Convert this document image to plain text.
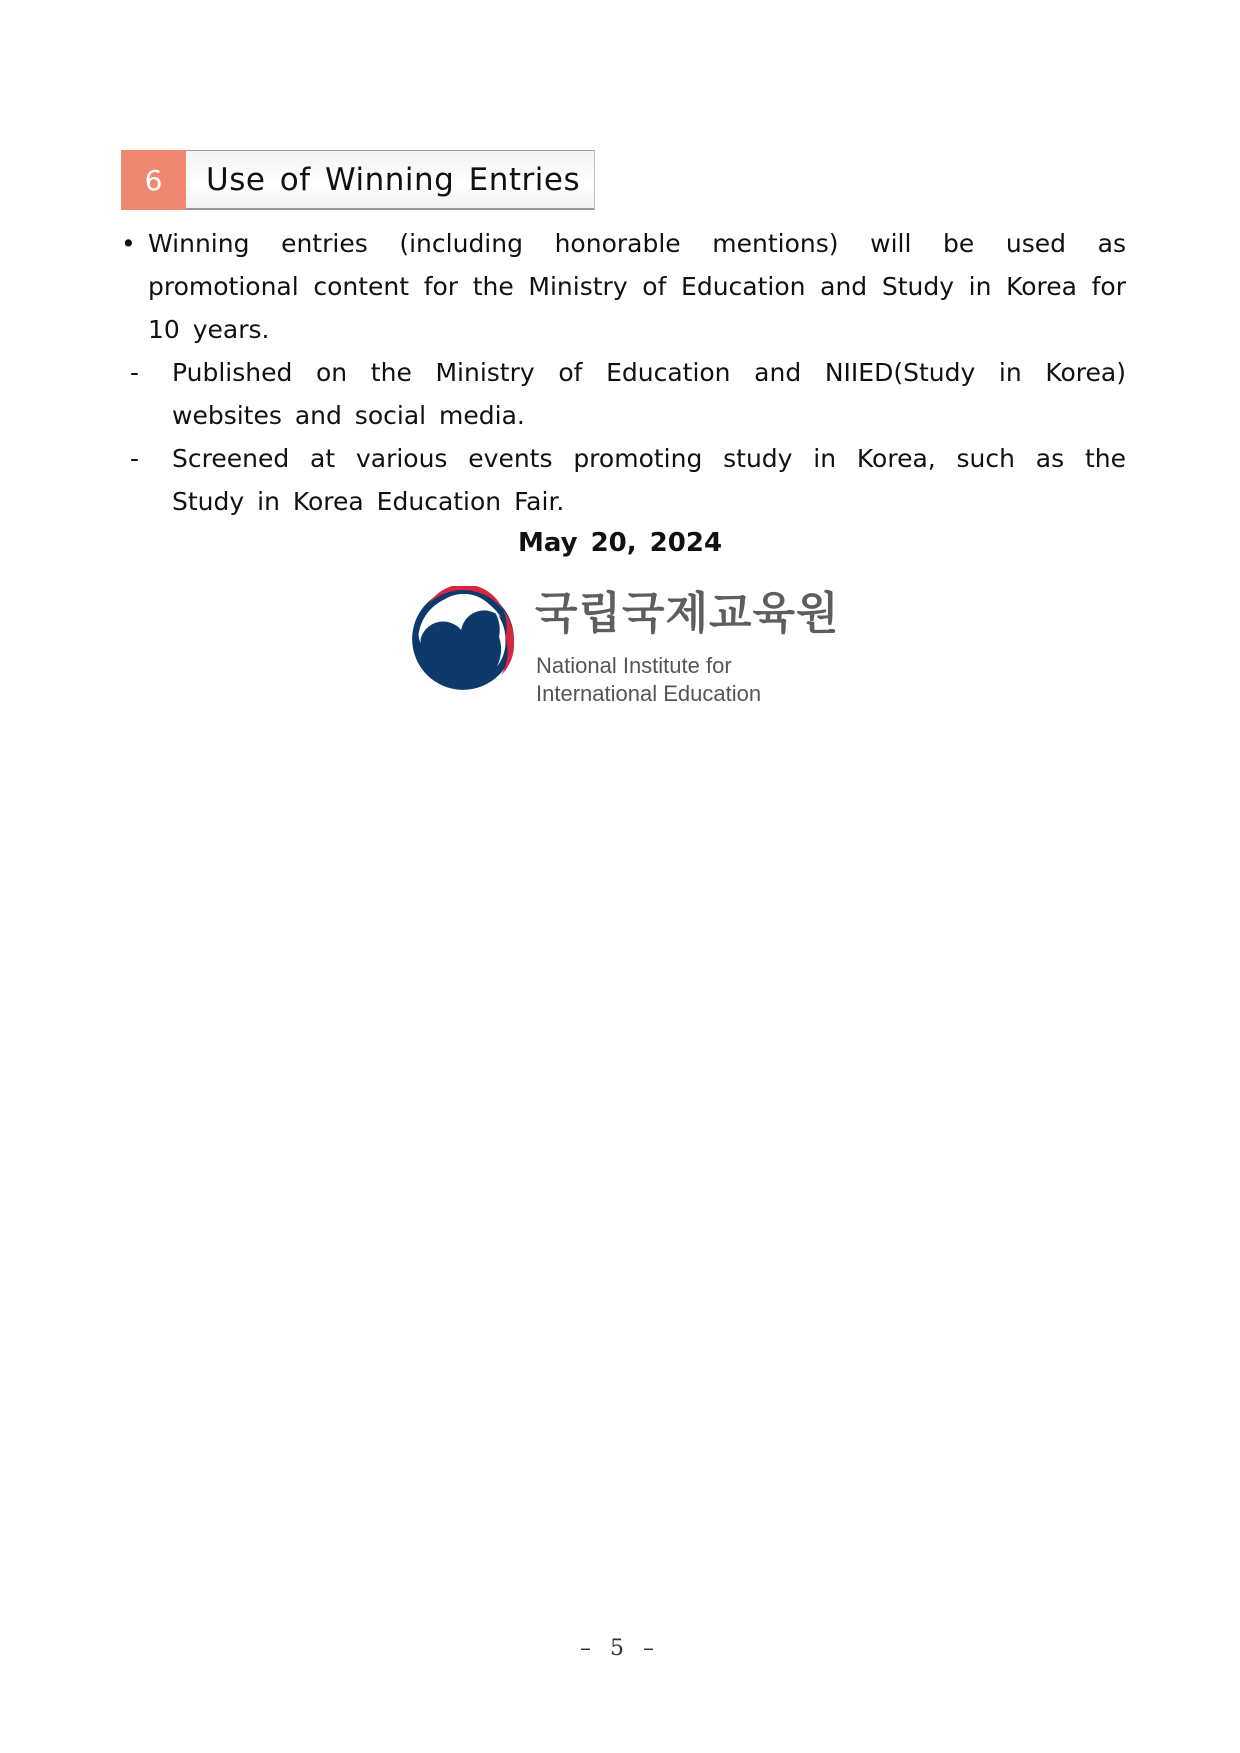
6	Use of Winning Entries
• Winning entries (including honorable mentions) will be used as promotional content for the Ministry of Education and Study in Korea for 10 years.
-	Published on the Ministry of Education and NIIED(Study in Korea) websites and social media.
-	Screened at various events promoting study in Korea, such as the Study in Korea Education Fair.
May 20, 2024
국립국제교육원
National Institute for
International Education
– 5 –
